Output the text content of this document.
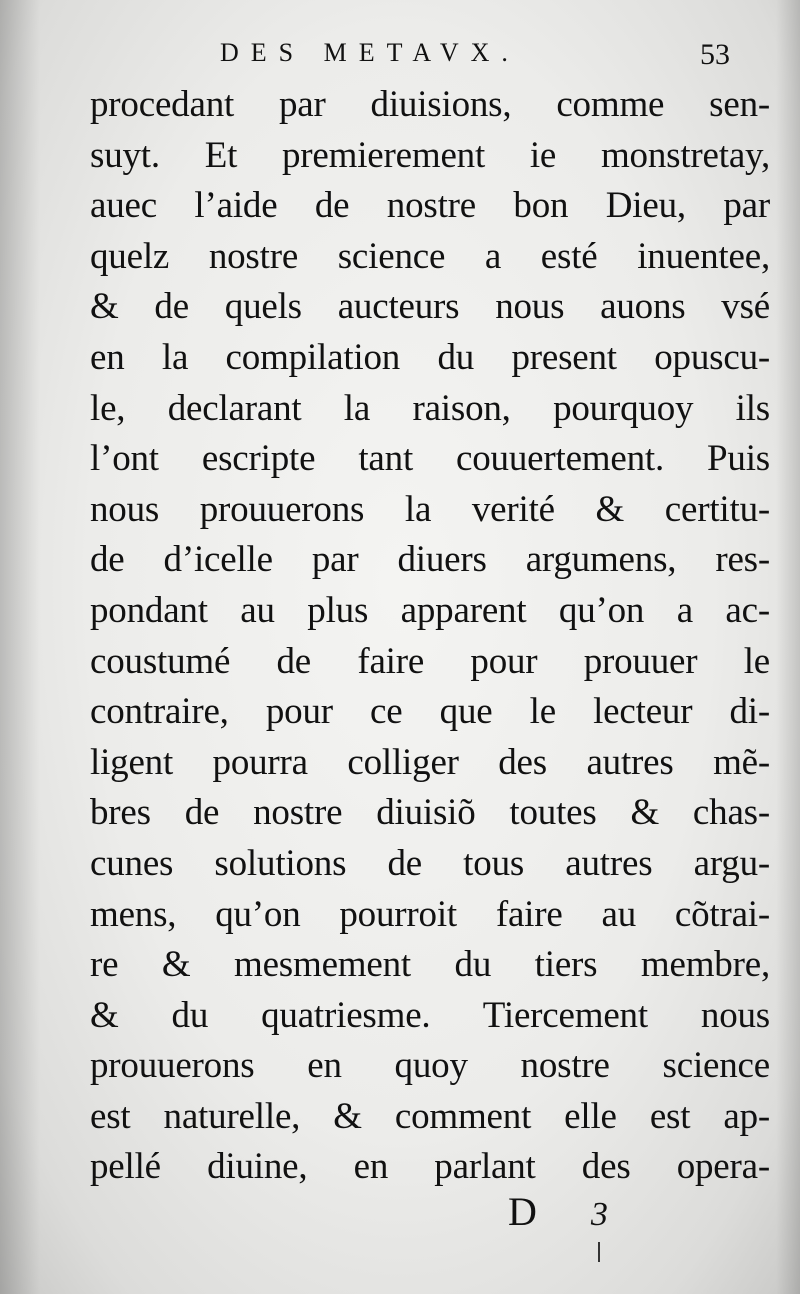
DES METAVX.	53
procedant par diuisions, comme sen-
suyt. Et premierement ie monstretay,
auec l’aide de nostre bon Dieu, par
quelz nostre science a esté inuentee,
& de quels aucteurs nous auons vsé
en la compilation du present opuscu-
le, declarant la raison, pourquoy ils
l’ont escripte tant couuertement. Puis
nous prouuerons la verité & certitu-
de d’icelle par diuers argumens, res-
pondant au plus apparent qu’on a ac-
coustumé de faire pour prouuer le
contraire, pour ce que le lecteur di-
ligent pourra colliger des autres mẽ-
bres de nostre diuisiõ toutes & chas-
cunes solutions de tous autres argu-
mens, qu’on pourroit faire au cõtrai-
re & mesmement du tiers membre,
& du quatriesme. Tiercement nous
prouuerons en quoy nostre science
est naturelle, & comment elle est ap-
pellé diuine, en parlant des opera-
D 3
